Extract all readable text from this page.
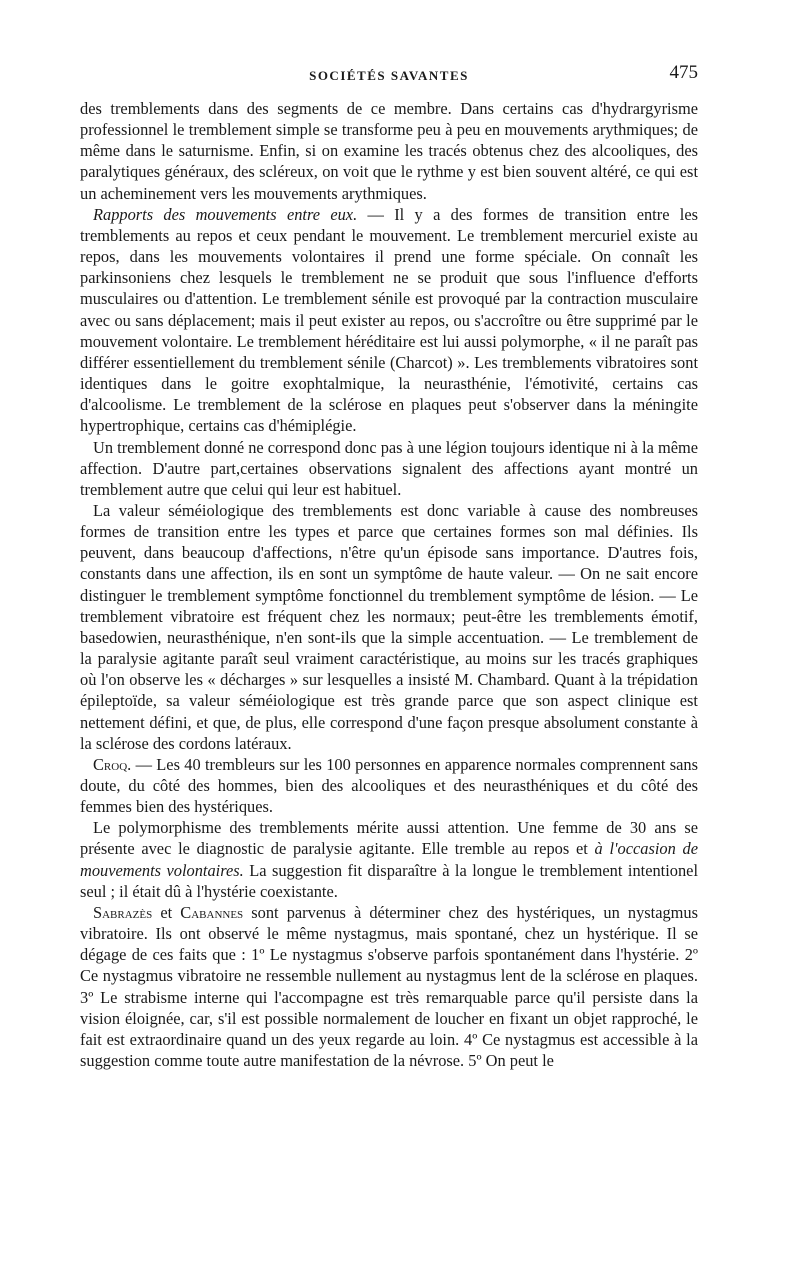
SOCIÉTÉS SAVANTES	475

des tremblements dans des segments de ce membre. Dans certains cas d'hydrargyrisme professionnel le tremblement simple se transforme peu à peu en mouvements arythmiques; de même dans le saturnisme. Enfin, si on examine les tracés obtenus chez des alcooliques, des paralytiques généraux, des scléreux, on voit que le rythme y est bien souvent altéré, ce qui est un acheminement vers les mouvements arythmiques.

Rapports des mouvements entre eux. — Il y a des formes de transition entre les tremblements au repos et ceux pendant le mouvement. Le tremblement mercuriel existe au repos, dans les mouvements volontaires il prend une forme spéciale. On connaît les parkinsoniens chez lesquels le tremblement ne se produit que sous l'influence d'efforts musculaires ou d'attention. Le tremblement sénile est provoqué par la contraction musculaire avec ou sans déplacement; mais il peut exister au repos, ou s'accroître ou être supprimé par le mouvement volontaire. Le tremblement héréditaire est lui aussi polymorphe, « il ne paraît pas différer essentiellement du tremblement sénile (Charcot) ». Les tremblements vibratoires sont identiques dans le goitre exophtalmique, la neurasthénie, l'émotivité, certains cas d'alcoolisme. Le tremblement de la sclérose en plaques peut s'observer dans la méningite hypertrophique, certains cas d'hémiplégie.

Un tremblement donné ne correspond donc pas à une légion toujours identique ni à la même affection. D'autre part,certaines observations signalent des affections ayant montré un tremblement autre que celui qui leur est habituel.

La valeur séméiologique des tremblements est donc variable à cause des nombreuses formes de transition entre les types et parce que certaines formes son mal définies. Ils peuvent, dans beaucoup d'affections, n'être qu'un épisode sans importance. D'autres fois, constants dans une affection, ils en sont un symptôme de haute valeur. — On ne sait encore distinguer le tremblement symptôme fonctionnel du tremblement symptôme de lésion. — Le tremblement vibratoire est fréquent chez les normaux; peut-être les tremblements émotif, basedowien, neurasthénique, n'en sont-ils que la simple accentuation. — Le tremblement de la paralysie agitante paraît seul vraiment caractéristique, au moins sur les tracés graphiques où l'on observe les « décharges » sur lesquelles a insisté M. Chambard. Quant à la trépidation épileptoïde, sa valeur séméiologique est très grande parce que son aspect clinique est nettement défini, et que, de plus, elle correspond d'une façon presque absolument constante à la sclérose des cordons latéraux.

Croq. — Les 40 trembleurs sur les 100 personnes en apparence normales comprennent sans doute, du côté des hommes, bien des alcooliques et des neurasthéniques et du côté des femmes bien des hystériques.

Le polymorphisme des tremblements mérite aussi attention. Une femme de 30 ans se présente avec le diagnostic de paralysie agitante. Elle tremble au repos et à l'occasion de mouvements volontaires. La suggestion fit disparaître à la longue le tremblement intentionel seul ; il était dû à l'hystérie coexistante.

Sabrazès et Cabannes sont parvenus à déterminer chez des hystériques, un nystagmus vibratoire. Ils ont observé le même nystagmus, mais spontané, chez un hystérique. Il se dégage de ces faits que : 1º Le nystagmus s'observe parfois spontanément dans l'hystérie. 2º Ce nystagmus vibratoire ne ressemble nullement au nystagmus lent de la sclérose en plaques. 3º Le strabisme interne qui l'accompagne est très remarquable parce qu'il persiste dans la vision éloignée, car, s'il est possible normalement de loucher en fixant un objet rapproché, le fait est extraordinaire quand un des yeux regarde au loin. 4º Ce nystagmus est accessible à la suggestion comme toute autre manifestation de la névrose. 5º On peut le
